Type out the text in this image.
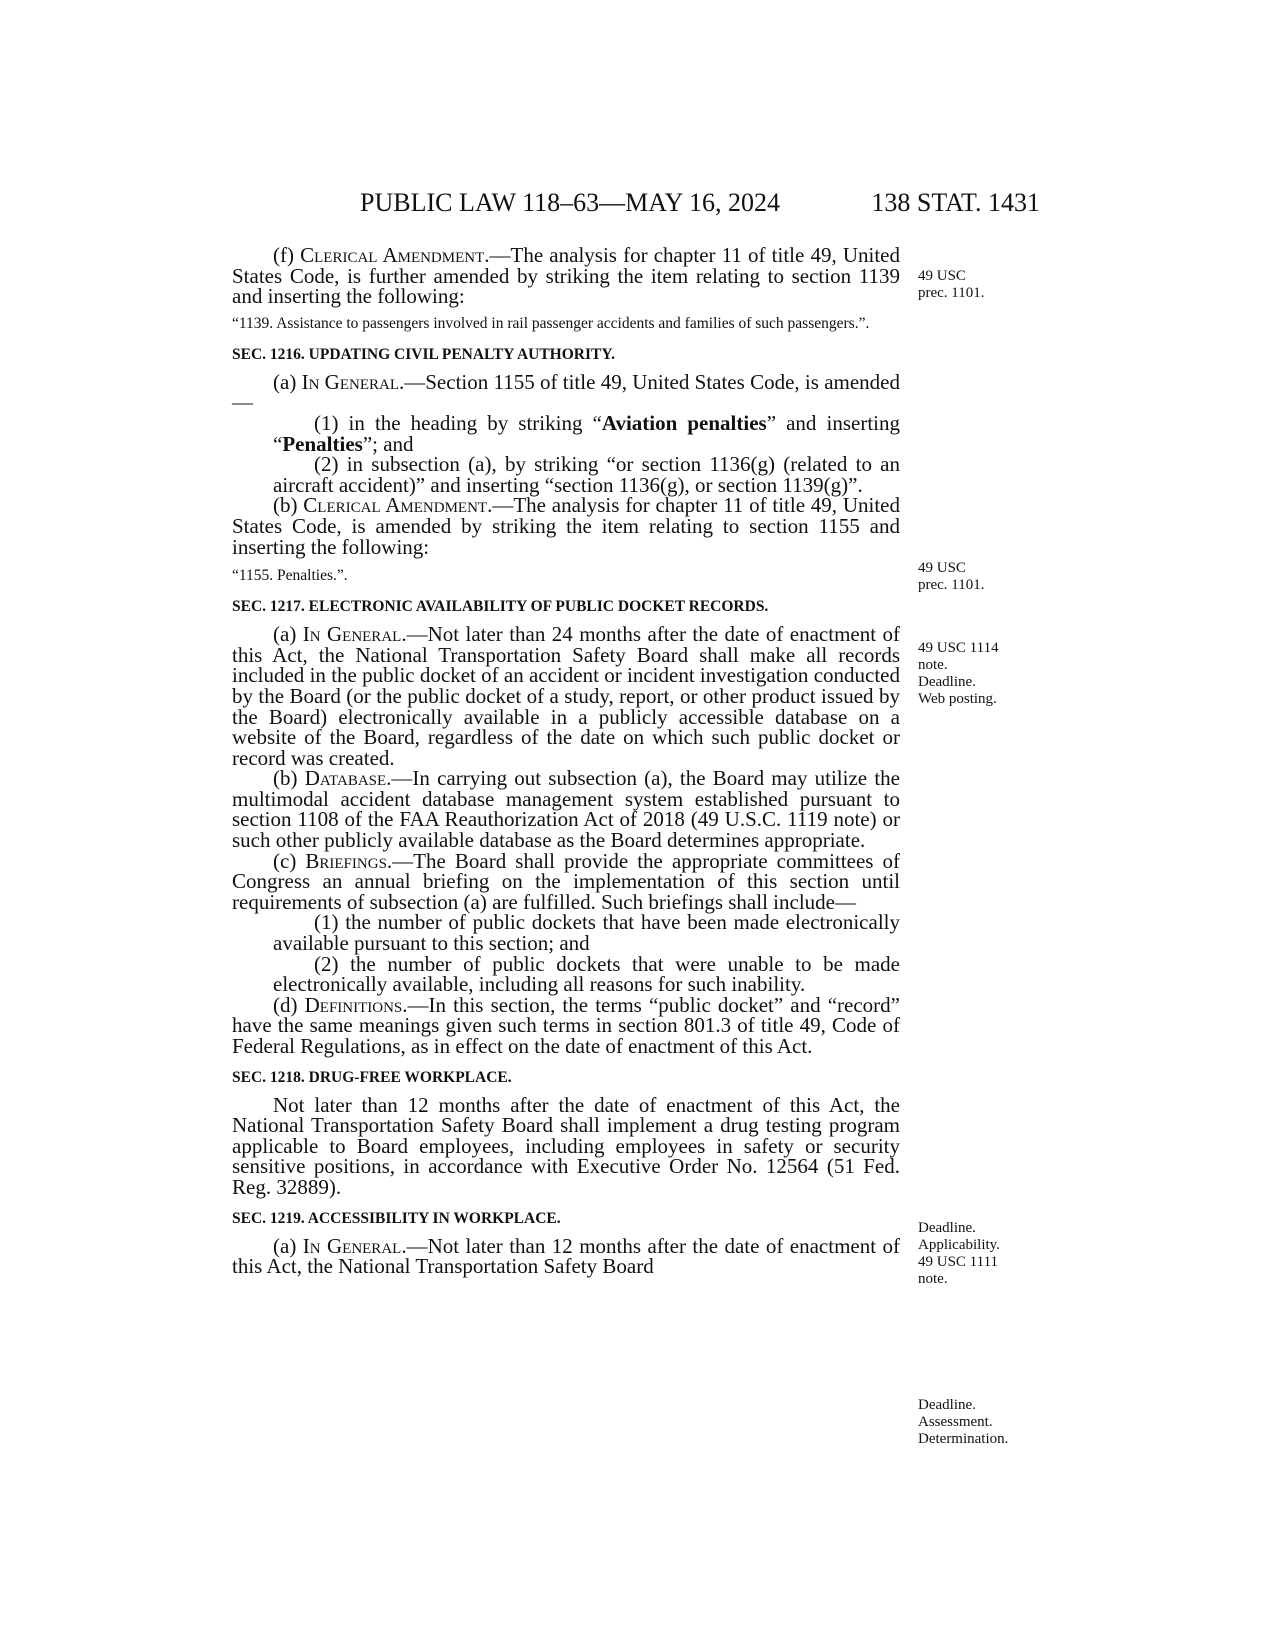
PUBLIC LAW 118–63—MAY 16, 2024	138 STAT. 1431

(f) Clerical Amendment.—The analysis for chapter 11 of title 49, United States Code, is further amended by striking the item relating to section 1139 and inserting the following:

“1139. Assistance to passengers involved in rail passenger accidents and families of such passengers.”.
SEC. 1216. UPDATING CIVIL PENALTY AUTHORITY.

(a) In General.—Section 1155 of title 49, United States Code, is amended—

(1) in the heading by striking “Aviation penalties” and inserting “Penalties”; and

(2) in subsection (a), by striking “or section 1136(g) (related to an aircraft accident)” and inserting “section 1136(g), or section 1139(g)”.

(b) Clerical Amendment.—The analysis for chapter 11 of title 49, United States Code, is amended by striking the item relating to section 1155 and inserting the following:

“1155. Penalties.”.
SEC. 1217. ELECTRONIC AVAILABILITY OF PUBLIC DOCKET RECORDS.

(a) In General.—Not later than 24 months after the date of enactment of this Act, the National Transportation Safety Board shall make all records included in the public docket of an accident or incident investigation conducted by the Board (or the public docket of a study, report, or other product issued by the Board) electronically available in a publicly accessible database on a website of the Board, regardless of the date on which such public docket or record was created.

(b) Database.—In carrying out subsection (a), the Board may utilize the multimodal accident database management system established pursuant to section 1108 of the FAA Reauthorization Act of 2018 (49 U.S.C. 1119 note) or such other publicly available database as the Board determines appropriate.

(c) Briefings.—The Board shall provide the appropriate committees of Congress an annual briefing on the implementation of this section until requirements of subsection (a) are fulfilled. Such briefings shall include—

(1) the number of public dockets that have been made electronically available pursuant to this section; and

(2) the number of public dockets that were unable to be made electronically available, including all reasons for such inability.

(d) Definitions.—In this section, the terms “public docket” and “record” have the same meanings given such terms in section 801.3 of title 49, Code of Federal Regulations, as in effect on the date of enactment of this Act.

SEC. 1218. DRUG-FREE WORKPLACE.

Not later than 12 months after the date of enactment of this Act, the National Transportation Safety Board shall implement a drug testing program applicable to Board employees, including employees in safety or security sensitive positions, in accordance with Executive Order No. 12564 (51 Fed. Reg. 32889).

SEC. 1219. ACCESSIBILITY IN WORKPLACE.

(a) In General.—Not later than 12 months after the date of enactment of this Act, the National Transportation Safety Board

49 USC
prec. 1101.
49 USC
prec. 1101.
49 USC 1114
note.
Deadline.
Web posting.
Deadline.
Applicability.
49 USC 1111
note.
Deadline.
Assessment.
Determination.
